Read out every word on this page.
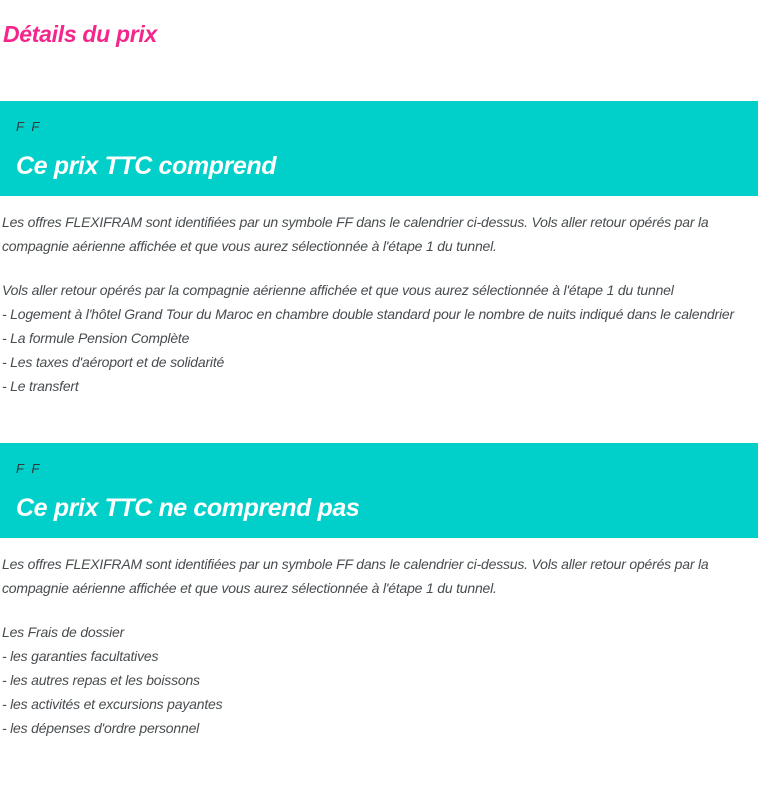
Détails du prix
F F
Ce prix TTC comprend

Les offres FLEXIFRAM sont identifiées par un symbole FF dans le calendrier ci-dessus. Vols aller retour opérés par la compagnie aérienne affichée et que vous aurez sélectionnée à l'étape 1 du tunnel.

Vols aller retour opérés par la compagnie aérienne affichée et que vous aurez sélectionnée à l'étape 1 du tunnel
- Logement à l'hôtel Grand Tour du Maroc en chambre double standard pour le nombre de nuits indiqué dans le calendrier
- La formule Pension Complète
- Les taxes d'aéroport et de solidarité
- Le transfert
F F
Ce prix TTC ne comprend pas

Les offres FLEXIFRAM sont identifiées par un symbole FF dans le calendrier ci-dessus. Vols aller retour opérés par la compagnie aérienne affichée et que vous aurez sélectionnée à l'étape 1 du tunnel.

Les Frais de dossier
- les garanties facultatives
- les autres repas et les boissons
- les activités et excursions payantes
- les dépenses d'ordre personnel
